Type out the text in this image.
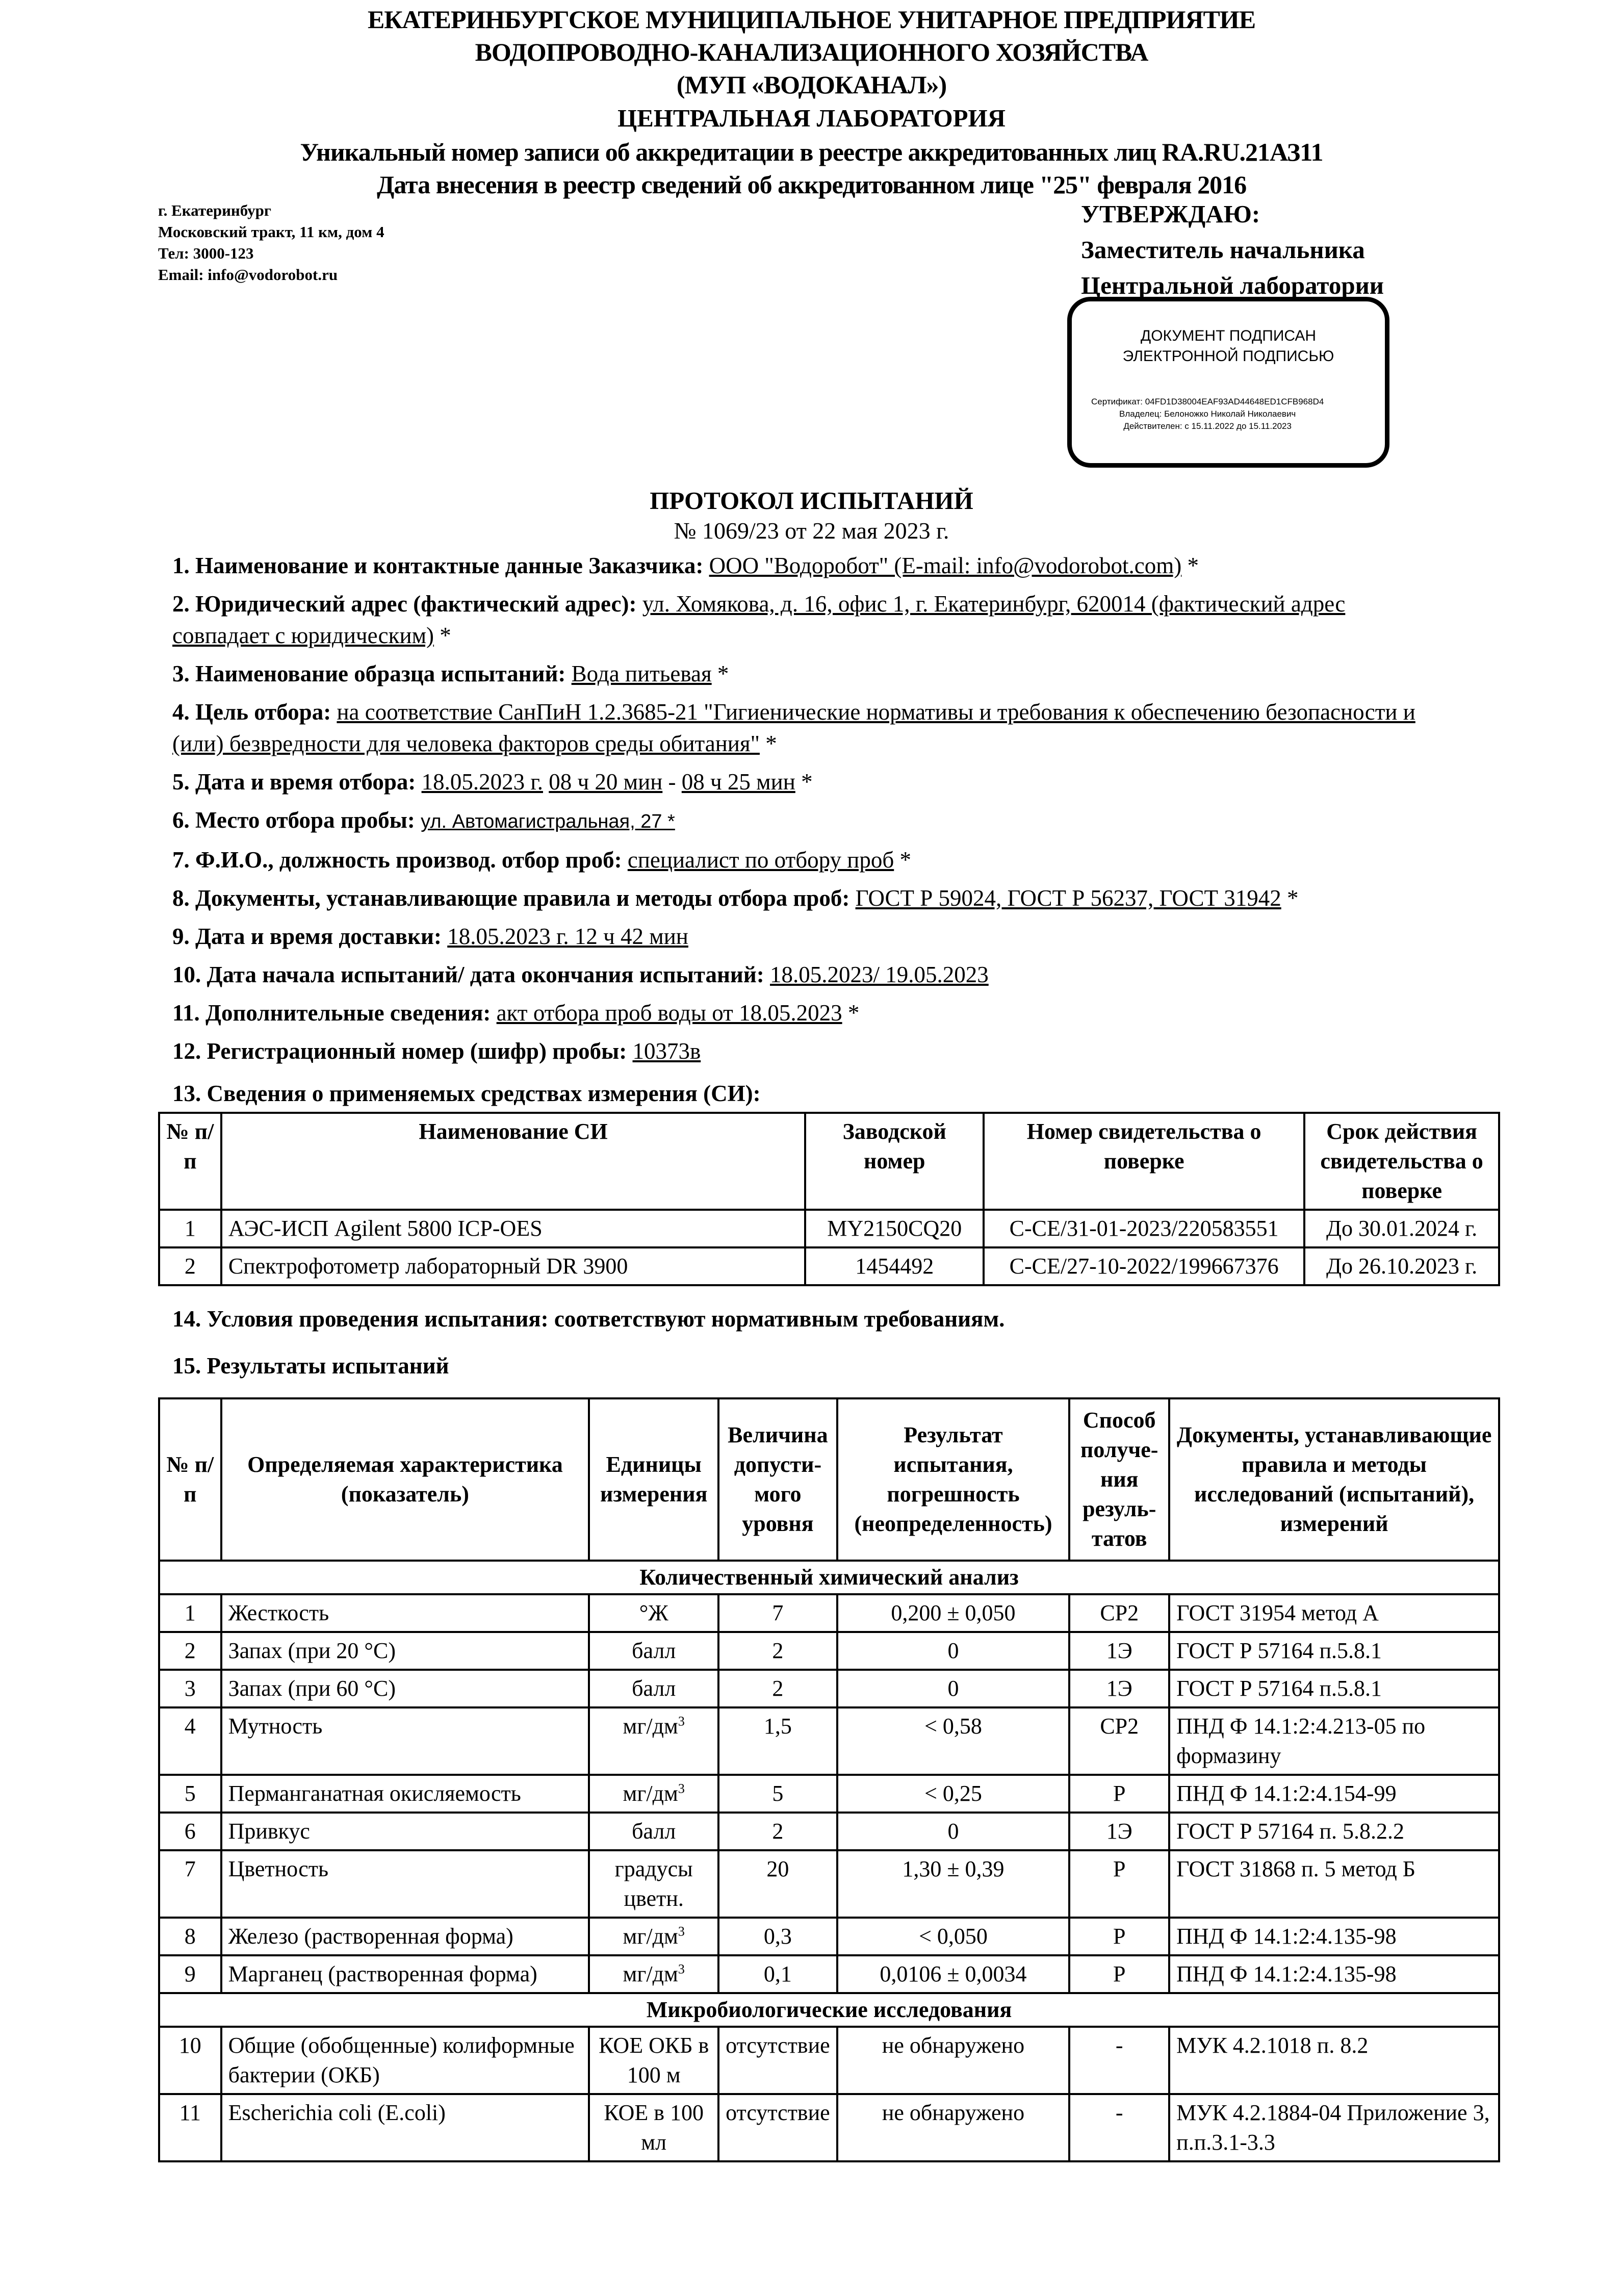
ЕКАТЕРИНБУРГСКОЕ МУНИЦИПАЛЬНОЕ УНИТАРНОЕ ПРЕДПРИЯТИЕ
ВОДОПРОВОДНО-КАНАЛИЗАЦИОННОГО ХОЗЯЙСТВА
(МУП «ВОДОКАНАЛ»)
ЦЕНТРАЛЬНАЯ ЛАБОРАТОРИЯ
Уникальный номер записи об аккредитации в реестре аккредитованных лиц RA.RU.21АЗ11
Дата внесения в реестр сведений об аккредитованном лице "25" февраля 2016
г. Екатеринбург
Московский тракт, 11 км, дом 4
Тел: 3000-123
Email: info@vodorobot.ru
УТВЕРЖДАЮ:
Заместитель начальника
Центральной лаборатории
ДОКУМЕНТ ПОДПИСАН
ЭЛЕКТРОННОЙ ПОДПИСЬЮ
Сертификат: 04FD1D38004EAF93AD44648ED1CFB968D4
Владелец: Белоножко Николай Николаевич
Действителен: с 15.11.2022 до 15.11.2023
ПРОТОКОЛ ИСПЫТАНИЙ
№ 1069/23 от 22 мая 2023 г.
1. Наименование и контактные данные Заказчика: ООО "Водоробот" (E-mail: info@vodorobot.com) *
2. Юридический адрес (фактический адрес): ул. Хомякова, д. 16, офис 1, г. Екатеринбург, 620014 (фактический адрес совпадает с юридическим) *
3. Наименование образца испытаний: Вода питьевая *
4. Цель отбора: на соответствие СанПиН 1.2.3685-21 "Гигиенические нормативы и требования к обеспечению безопасности и (или) безвредности для человека факторов среды обитания" *
5. Дата и время отбора: 18.05.2023 г. 08 ч 20 мин - 08 ч 25 мин *
6. Место отбора пробы: ул. Автомагистральная, 27 *
7. Ф.И.О., должность производ. отбор проб: специалист по отбору проб *
8. Документы, устанавливающие правила и методы отбора проб: ГОСТ Р 59024, ГОСТ Р 56237, ГОСТ 31942 *
9. Дата и время доставки: 18.05.2023 г. 12 ч 42 мин
10. Дата начала испытаний/ дата окончания испытаний: 18.05.2023/ 19.05.2023
11. Дополнительные сведения: акт отбора проб воды от 18.05.2023 *
12. Регистрационный номер (шифр) пробы: 10373в
13. Сведения о применяемых средствах измерения (СИ):
№ п/п	Наименование СИ	Заводской номер	Номер свидетельства о поверке	Срок действия свидетельства о поверке
1	АЭС-ИСП Agilent 5800 ICP-OES	MY2150CQ20	С-СЕ/31-01-2023/220583551	До 30.01.2024 г.
2	Спектрофотометр лабораторный DR 3900	1454492	С-СЕ/27-10-2022/199667376	До 26.10.2023 г.
14. Условия проведения испытания: соответствуют нормативным требованиям.
15. Результаты испытаний
№ п/п	Определяемая характеристика (показатель)	Единицы измерения	Величина допусти-мого уровня	Результат испытания, погрешность (неопределенность)	Способ получе-ния резуль-татов	Документы, устанавливающие правила и методы исследований (испытаний), измерений
Количественный химический анализ						
1	Жесткость	°Ж	7	0,200 ± 0,050	СР2	ГОСТ 31954 метод А
2	Запах (при 20 °С)	балл	2	0	1Э	ГОСТ Р 57164 п.5.8.1
3	Запах (при 60 °С)	балл	2	0	1Э	ГОСТ Р 57164 п.5.8.1
4	Мутность	$мг/дм^3$	1,5	< 0,58	СР2	ПНД Ф 14.1:2:4.213-05 по формазину
5	Перманганатная окисляемость	$мг/дм^3$	5	< 0,25	Р	ПНД Ф 14.1:2:4.154-99
6	Привкус	балл	2	0	1Э	ГОСТ Р 57164 п. 5.8.2.2
7	Цветность	градусы цветн.	20	1,30 ± 0,39	Р	ГОСТ 31868 п. 5 метод Б
8	Железо (растворенная форма)	$мг/дм^3$	0,3	< 0,050	Р	ПНД Ф 14.1:2:4.135-98
9	Марганец (растворенная форма)	$мг/дм^3$	0,1	0,0106 ± 0,0034	Р	ПНД Ф 14.1:2:4.135-98
Микробиологические исследования						
10	Общие (обобщенные) колиформные бактерии (ОКБ)	КОЕ ОКБ в 100 м	отсутствие	не обнаружено	-	МУК 4.2.1018 п. 8.2
11	Escherichia coli (E.coli)	КОЕ в 100 мл	отсутствие	не обнаружено	-	МУК 4.2.1884-04 Приложение 3, п.п.3.1-3.3
